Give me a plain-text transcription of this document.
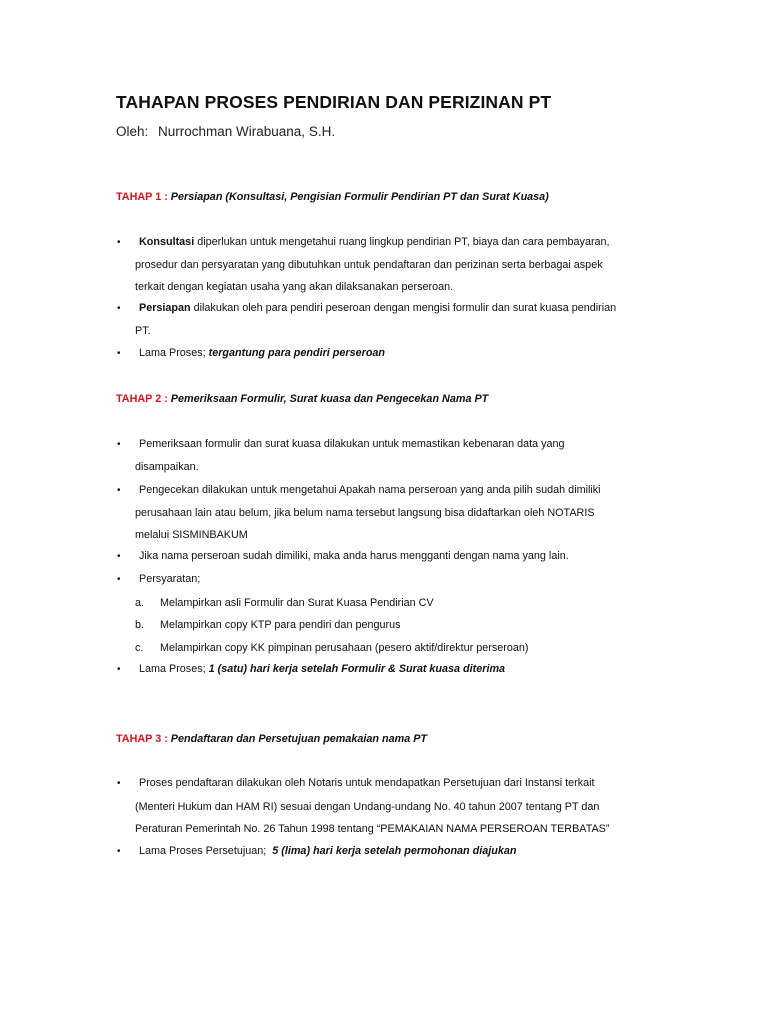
TAHAPAN PROSES PENDIRIAN DAN PERIZINAN PT
Oleh: Nurrochman Wirabuana, S.H.
TAHAP 1 : Persiapan (Konsultasi, Pengisian Formulir Pendirian PT dan Surat Kuasa)
• Konsultasi diperlukan untuk mengetahui ruang lingkup pendirian PT, biaya dan cara pembayaran,
prosedur dan persyaratan yang dibutuhkan untuk pendaftaran dan perizinan serta berbagai aspek
terkait dengan kegiatan usaha yang akan dilaksanakan perseroan.
• Persiapan dilakukan oleh para pendiri peseroan dengan mengisi formulir dan surat kuasa pendirian
PT.
• Lama Proses; tergantung para pendiri perseroan
TAHAP 2 : Pemeriksaan Formulir, Surat kuasa dan Pengecekan Nama PT
• Pemeriksaan formulir dan surat kuasa dilakukan untuk memastikan kebenaran data yang
disampaikan.
• Pengecekan dilakukan untuk mengetahui Apakah nama perseroan yang anda pilih sudah dimiliki
perusahaan lain atau belum, jika belum nama tersebut langsung bisa didaftarkan oleh NOTARIS
melalui SISMINBAKUM
• Jika nama perseroan sudah dimiliki, maka anda harus mengganti dengan nama yang lain.
• Persyaratan;
a. Melampirkan asli Formulir dan Surat Kuasa Pendirian CV
b. Melampirkan copy KTP para pendiri dan pengurus
c. Melampirkan copy KK pimpinan perusahaan (pesero aktif/direktur perseroan)
• Lama Proses; 1 (satu) hari kerja setelah Formulir & Surat kuasa diterima
TAHAP 3 : Pendaftaran dan Persetujuan pemakaian nama PT
• Proses pendaftaran dilakukan oleh Notaris untuk mendapatkan Persetujuan dari Instansi terkait
(Menteri Hukum dan HAM RI) sesuai dengan Undang-undang No. 40 tahun 2007 tentang PT dan
Peraturan Pemerintah No. 26 Tahun 1998 tentang “PEMAKAIAN NAMA PERSEROAN TERBATAS”
• Lama Proses Persetujuan;  5 (lima) hari kerja setelah permohonan diajukan
